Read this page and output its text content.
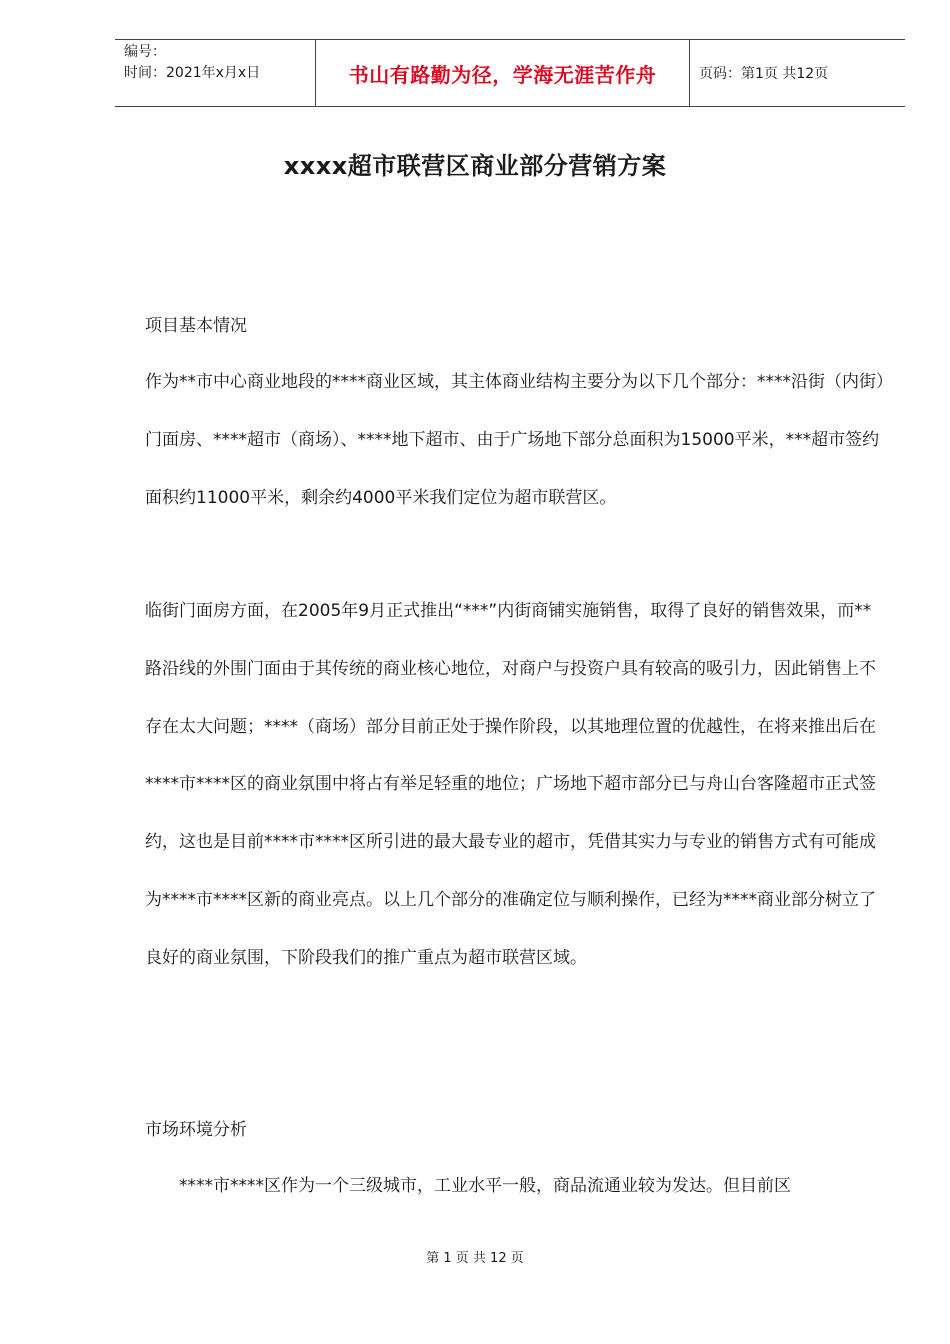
编号：
时间：2021年x月x日	书山有路勤为径，学海无涯苦作舟	页码：第1页 共12页
xxxx超市联营区商业部分营销方案

项目基本情况

作为**市中心商业地段的****商业区域，其主体商业结构主要分为以下几个部分：****沿街（内街）门面房、****超市（商场）、****地下超市、由于广场地下部分总面积为15000平米，***超市签约面积约11000平米，剩余约4000平米我们定位为超市联营区。

临街门面房方面，在2005年9月正式推出“***”内街商铺实施销售，取得了良好的销售效果，而**路沿线的外围门面由于其传统的商业核心地位，对商户与投资户具有较高的吸引力，因此销售上不存在太大问题；****（商场）部分目前正处于操作阶段，以其地理位置的优越性，在将来推出后在****市****区的商业氛围中将占有举足轻重的地位；广场地下超市部分已与舟山台客隆超市正式签约，这也是目前****市****区所引进的最大最专业的超市，凭借其实力与专业的销售方式有可能成为****市****区新的商业亮点。以上几个部分的准确定位与顺利操作，已经为****商业部分树立了良好的商业氛围，下阶段我们的推广重点为超市联营区域。

市场环境分析

****市****区作为一个三级城市，工业水平一般，商品流通业较为发达。但目前区

第 1 页 共 12 页
